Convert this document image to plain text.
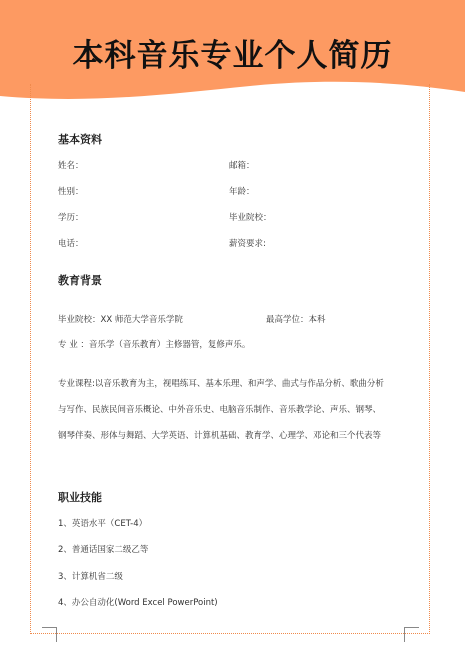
本科音乐专业个人简历
基本资料
姓名：	邮箱：
性别：	年龄：
学历：	毕业院校：
电话：	薪资要求:
教育背景
毕业院校：XX 师范大学音乐学院	最高学位：本科
专 业 ：音乐学（音乐教育）主修器管，复修声乐。
专业课程:以音乐教育为主，视唱练耳、基本乐理、和声学、曲式与作品分析、歌曲分析
与写作、民族民间音乐概论、中外音乐史、电脑音乐制作、音乐教学论、声乐、钢琴、
钢琴伴奏、形体与舞蹈、大学英语、计算机基础、教育学、心理学、邓论和三个代表等
职业技能
1、英语水平（CET-4）
2、普通话国家二级乙等
3、计算机省二级
4、办公自动化(Word Excel PowerPoint)
